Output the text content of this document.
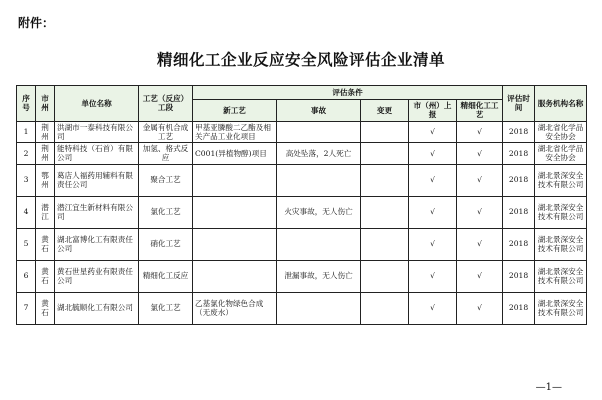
附件：
精细化工企业反应安全风险评估企业清单
序号	市州	单位名称	工艺（反应）工段	评估条件					评估时间	服务机构名称
				新工艺	事故	变更	市（州）上报	精细化工工艺		
1	荆州	洪湖市一泰科技有限公司	金属有机合成工艺	甲基亚膦酸二乙酯及相关产品工业化项目			√	√	2018	湖北省化学品安全协会
2	荆州	能特科技（石首）有限公司	加氢、格式反应	C001(异植物醇)项目	高处坠落，2人死亡		√	√	2018	湖北省化学品安全协会
3	鄂州	葛店人福药用辅料有限责任公司	聚合工艺				√	√	2018	湖北景深安全技术有限公司
4	潜江	潜江宜生新材料有限公司	氯化工艺		火灾事故，无人伤亡		√	√	2018	湖北景深安全技术有限公司
5	黄石	湖北富博化工有限责任公司	硝化工艺				√	√	2018	湖北景深安全技术有限公司
6	黄石	黄石世星药业有限责任公司	精细化工反应		泄漏事故，无人伤亡		√	√	2018	湖北景深安全技术有限公司
7	黄石	湖北毓顺化工有限公司	氯化工艺	乙基氯化物绿色合成（无废水）			√	√	2018	湖北景深安全技术有限公司
—1—
